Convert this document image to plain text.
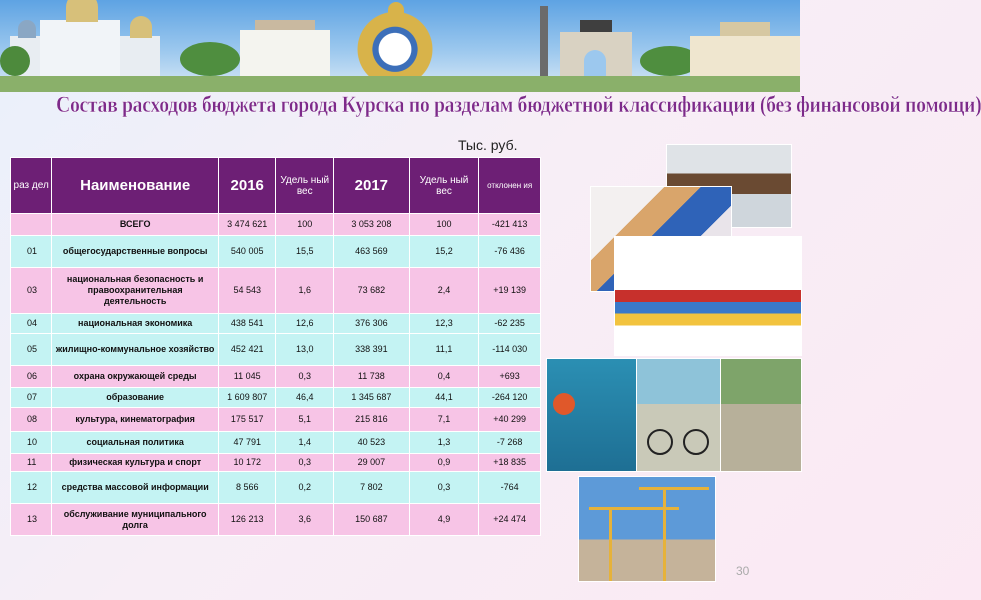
Состав расходов бюджета города Курска по разделам бюджетной классификации (без финансовой помощи)
Тыс. руб.
раз дел	Наименование	2016	Удель ный вес	2017	Удель ный вес	отклонен ия
	ВСЕГО	3 474 621	100	3 053 208	100	-421 413
01	общегосударственные вопросы	540 005	15,5	463 569	15,2	-76 436
03	национальная безопасность и правоохранительная деятельность	54 543	1,6	73 682	2,4	+19 139
04	национальная экономика	438 541	12,6	376 306	12,3	-62 235
05	жилищно-коммунальное хозяйство	452 421	13,0	338 391	11,1	-114 030
06	охрана окружающей среды	11 045	0,3	11 738	0,4	+693
07	образование	1 609 807	46,4	1 345 687	44,1	-264 120
08	культура, кинематография	175 517	5,1	215 816	7,1	+40 299
10	социальная политика	47 791	1,4	40 523	1,3	-7 268
11	физическая культура и спорт	10 172	0,3	29 007	0,9	+18 835
12	средства массовой информации	8 566	0,2	7 802	0,3	-764
13	обслуживание муниципального долга	126 213	3,6	150 687	4,9	+24 474
30
